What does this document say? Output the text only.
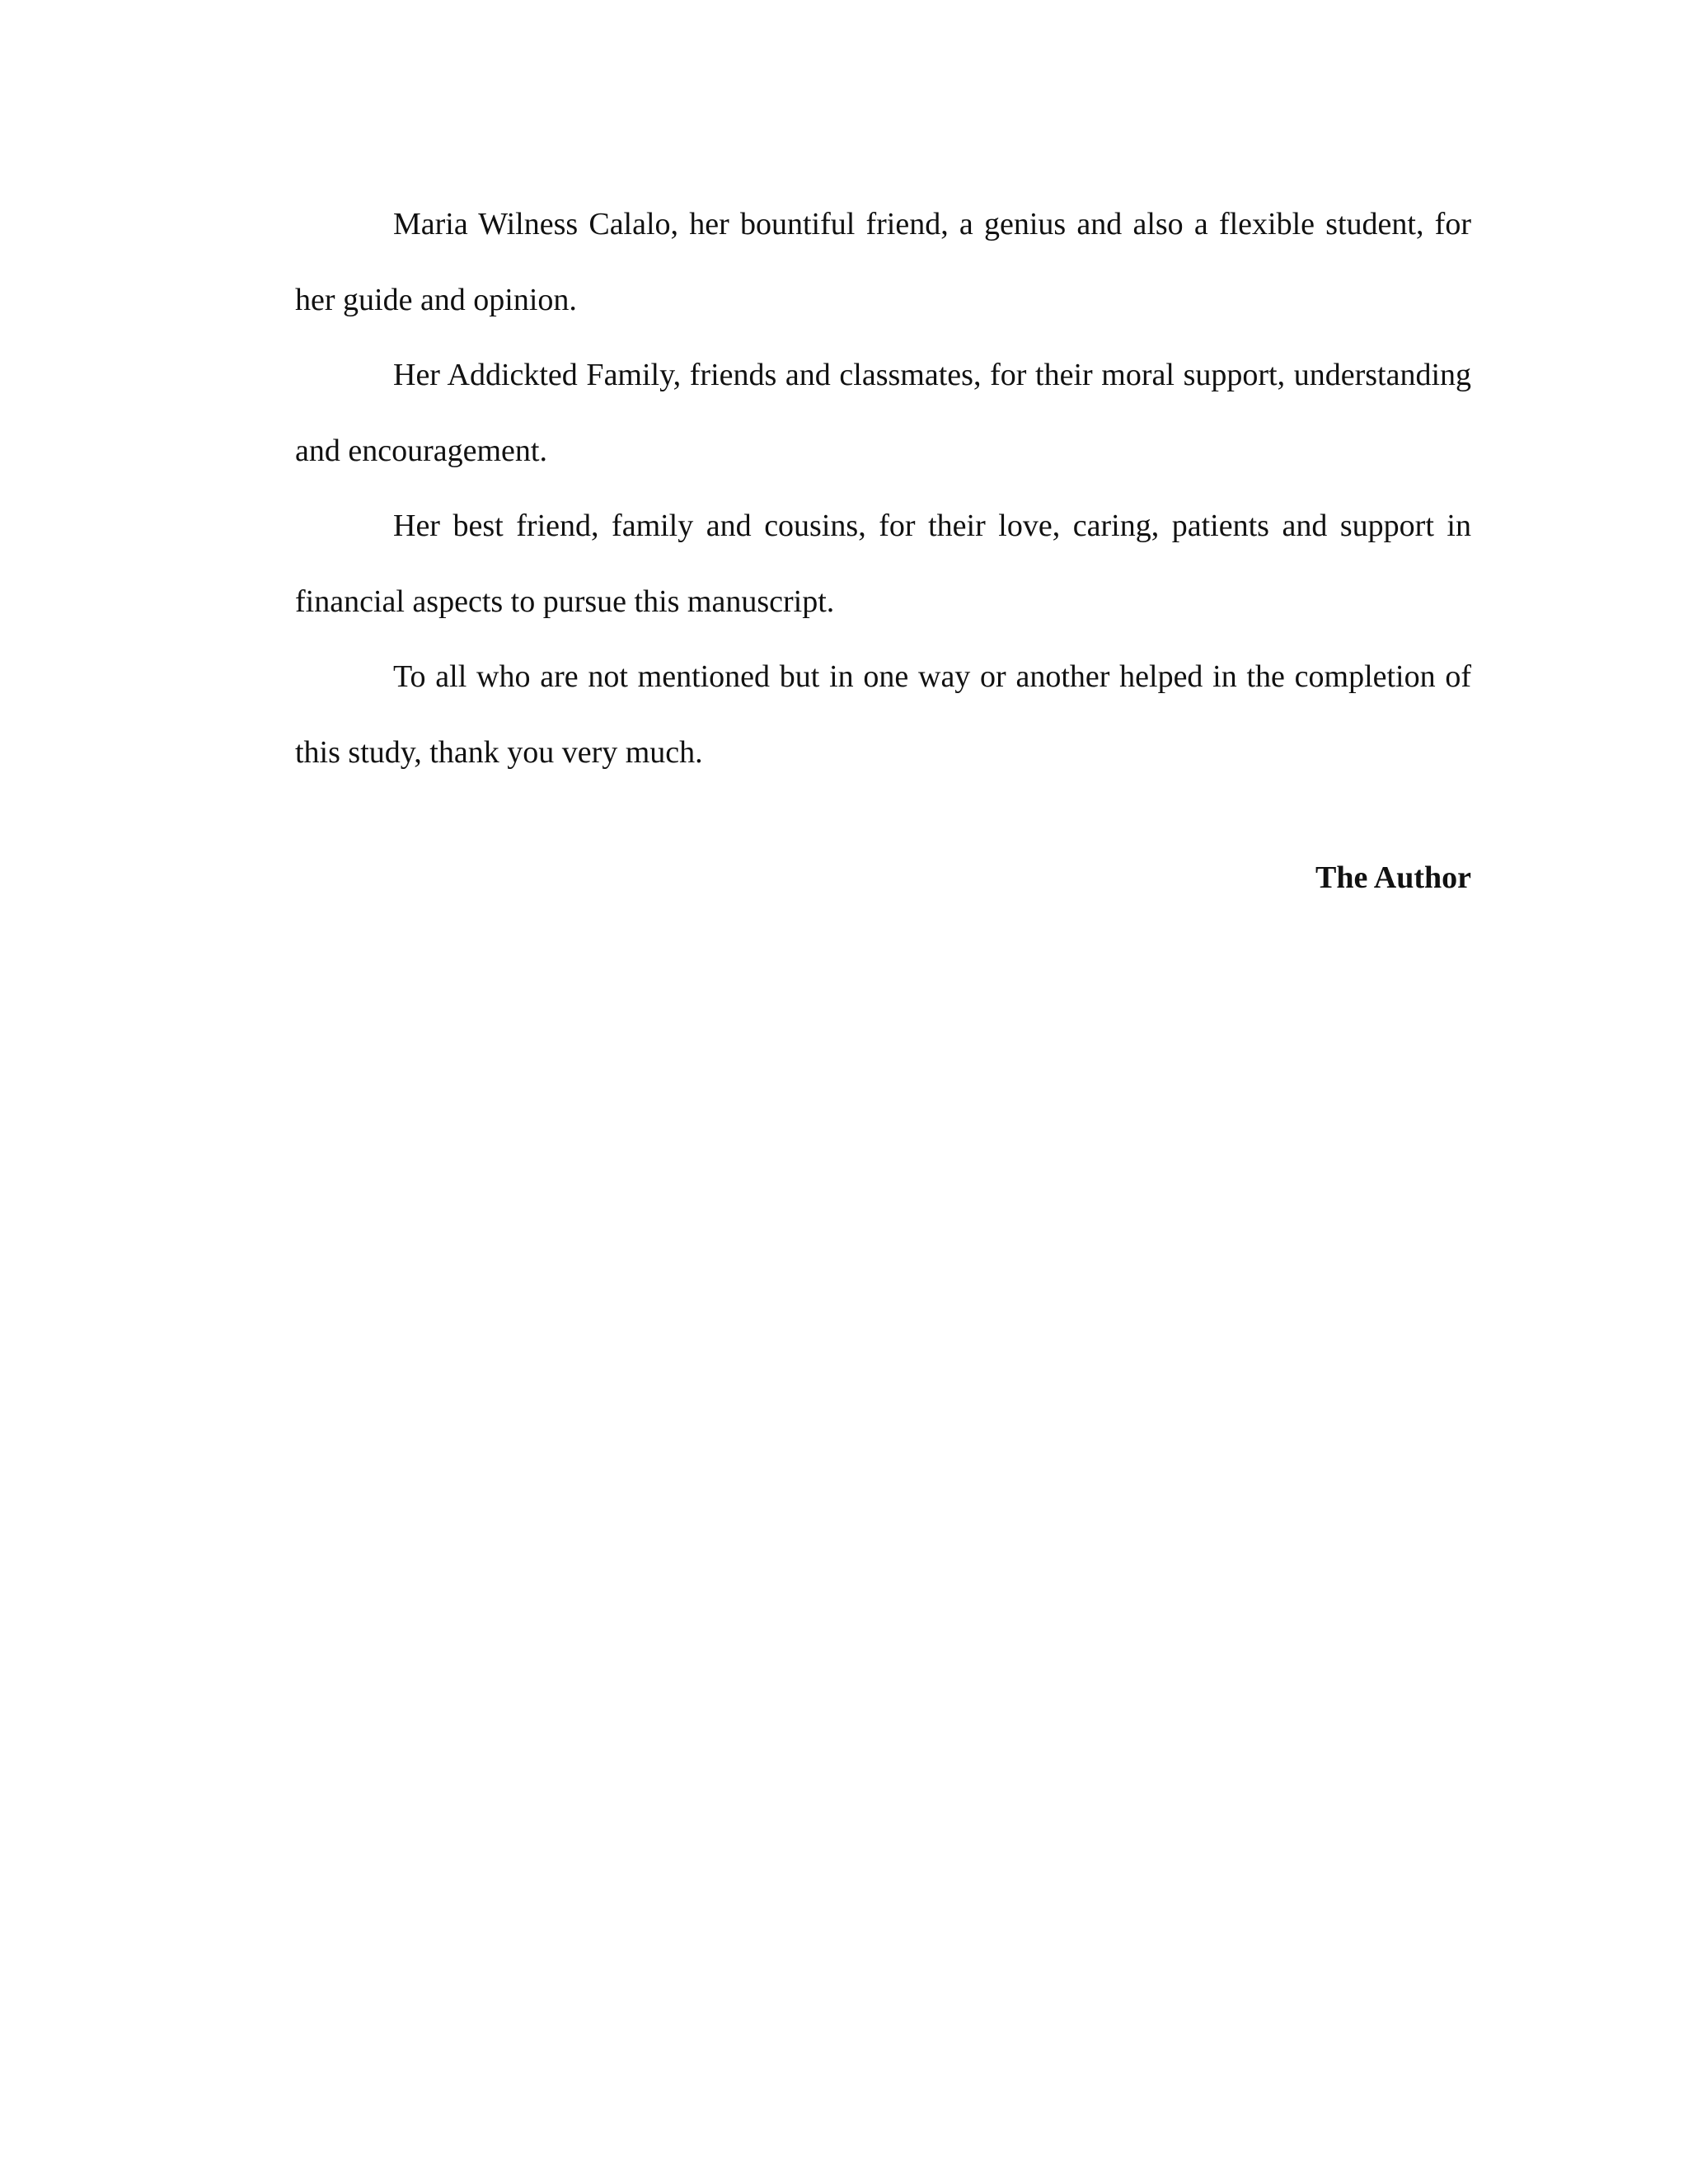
Maria Wilness Calalo, her bountiful friend, a genius and also a flexible student, for her guide and opinion.

Her Addickted Family, friends and classmates, for their moral support, understanding and encouragement.

Her best friend, family and cousins, for their love, caring, patients and support in financial aspects to pursue this manuscript.

To all who are not mentioned but in one way or another helped in the completion of this study, thank you very much.

The Author
